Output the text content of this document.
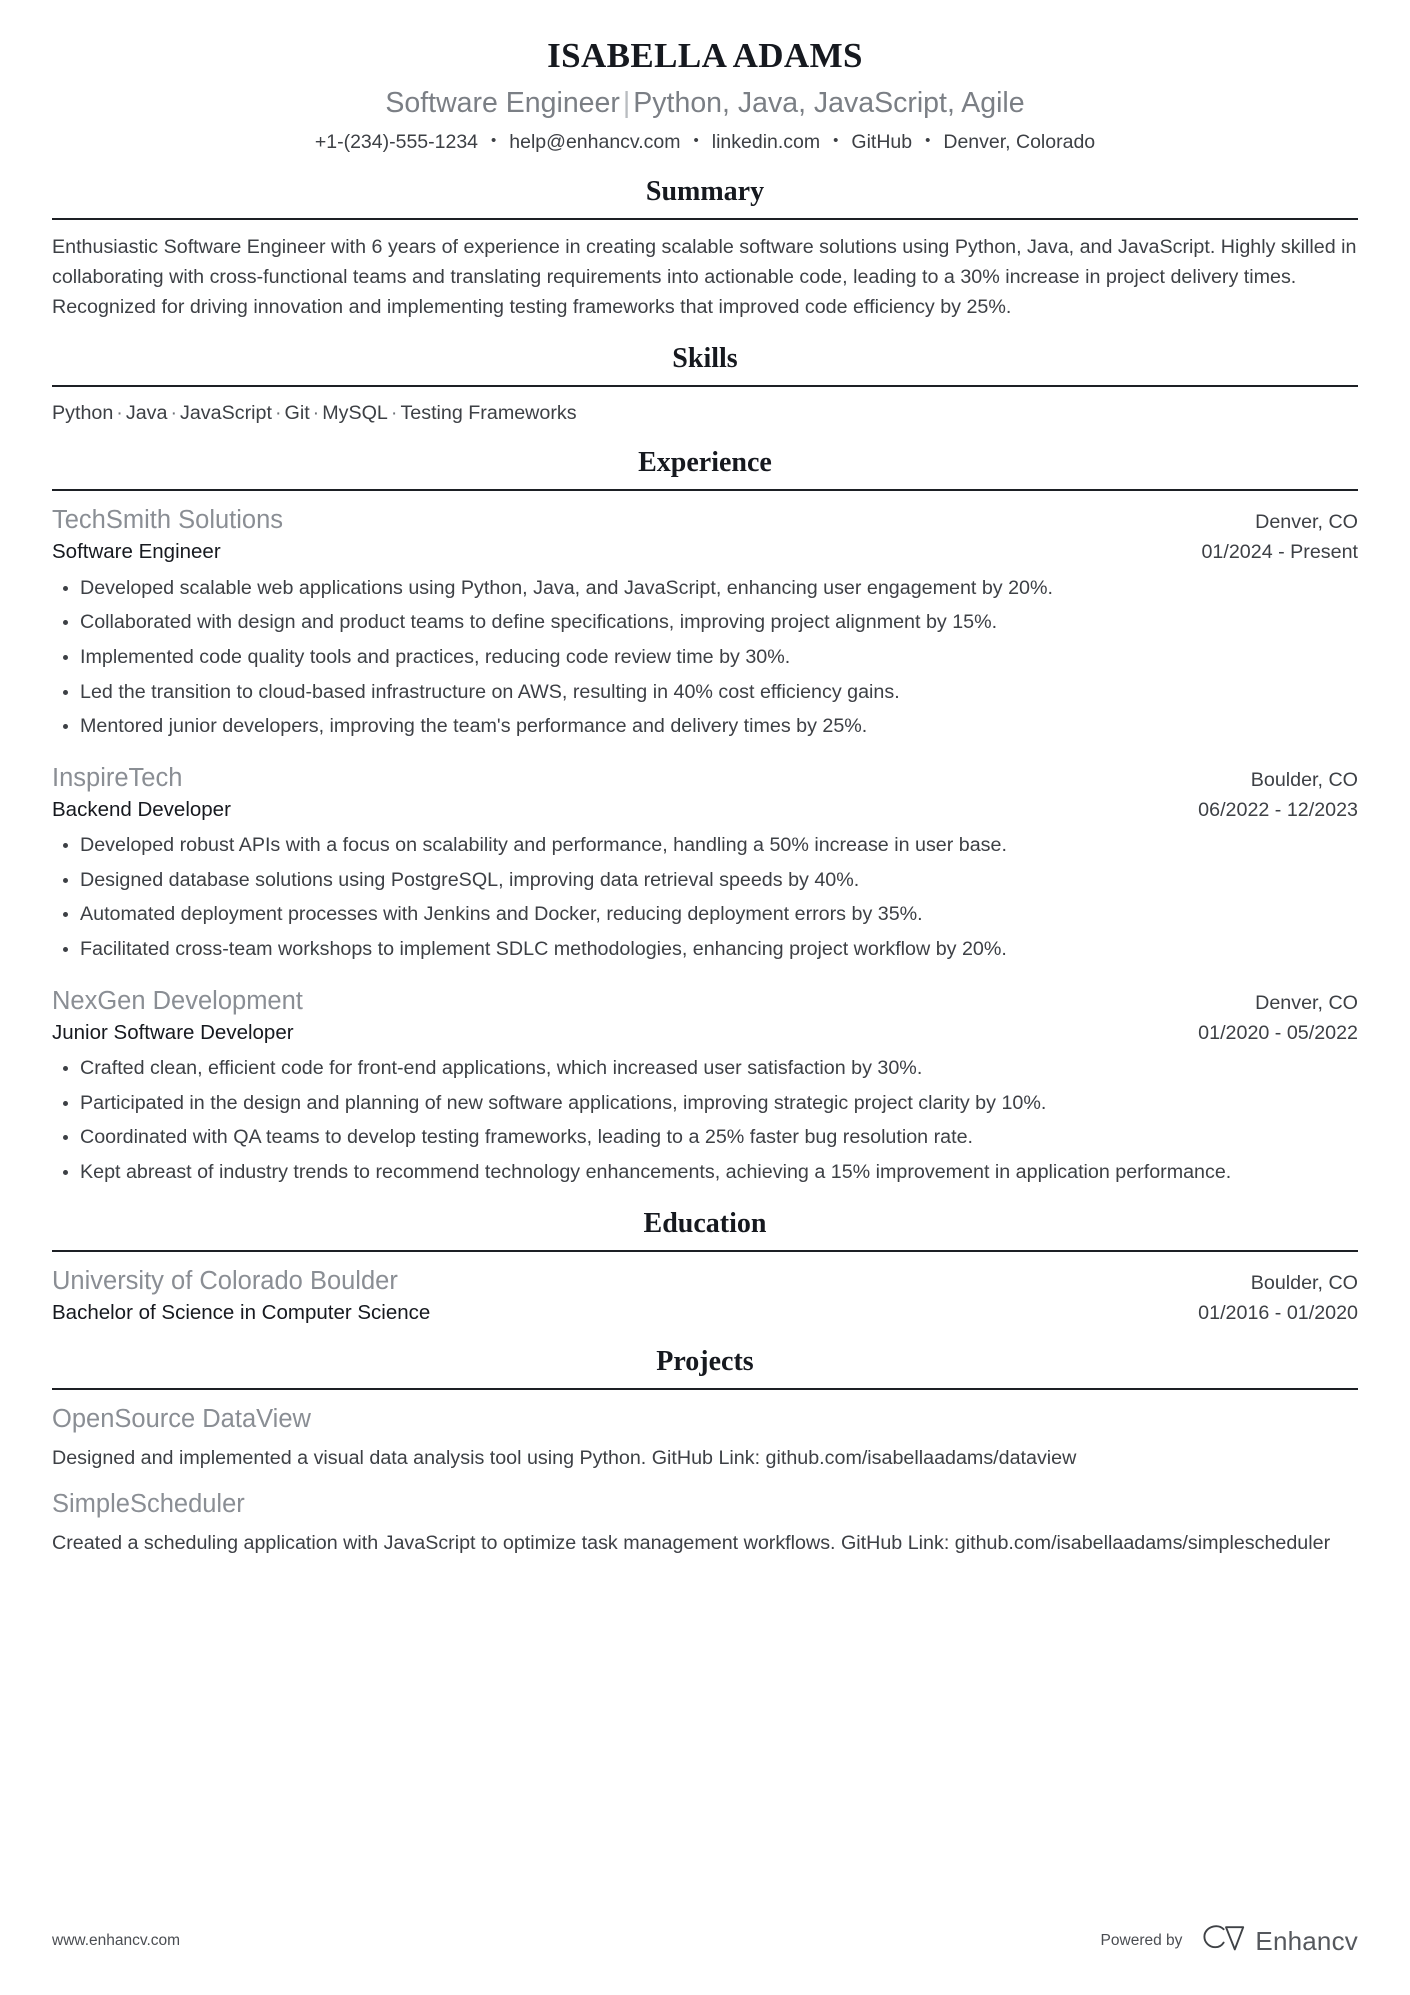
ISABELLA ADAMS
Software Engineer | Python, Java, JavaScript, Agile
+1-(234)-555-1234 • help@enhancv.com • linkedin.com • GitHub • Denver, Colorado
Summary

Enthusiastic Software Engineer with 6 years of experience in creating scalable software solutions using Python, Java, and JavaScript. Highly skilled in collaborating with cross-functional teams and translating requirements into actionable code, leading to a 30% increase in project delivery times. Recognized for driving innovation and implementing testing frameworks that improved code efficiency by 25%.

Skills
Python · Java · JavaScript · Git · MySQL · Testing Frameworks
Experience
TechSmith Solutions	Denver, CO
Software Engineer	01/2024 - Present
Developed scalable web applications using Python, Java, and JavaScript, enhancing user engagement by 20%.
Collaborated with design and product teams to define specifications, improving project alignment by 15%.
Implemented code quality tools and practices, reducing code review time by 30%.
Led the transition to cloud-based infrastructure on AWS, resulting in 40% cost efficiency gains.
Mentored junior developers, improving the team's performance and delivery times by 25%.
InspireTech	Boulder, CO
Backend Developer	06/2022 - 12/2023
Developed robust APIs with a focus on scalability and performance, handling a 50% increase in user base.
Designed database solutions using PostgreSQL, improving data retrieval speeds by 40%.
Automated deployment processes with Jenkins and Docker, reducing deployment errors by 35%.
Facilitated cross-team workshops to implement SDLC methodologies, enhancing project workflow by 20%.
NexGen Development	Denver, CO
Junior Software Developer	01/2020 - 05/2022
Crafted clean, efficient code for front-end applications, which increased user satisfaction by 30%.
Participated in the design and planning of new software applications, improving strategic project clarity by 10%.
Coordinated with QA teams to develop testing frameworks, leading to a 25% faster bug resolution rate.
Kept abreast of industry trends to recommend technology enhancements, achieving a 15% improvement in application performance.
Education
University of Colorado Boulder	Boulder, CO
Bachelor of Science in Computer Science	01/2016 - 01/2020
Projects
OpenSource DataView
Designed and implemented a visual data analysis tool using Python. GitHub Link: github.com/isabellaadams/dataview
SimpleScheduler
Created a scheduling application with JavaScript to optimize task management workflows. GitHub Link: github.com/isabellaadams/simplescheduler
www.enhancv.com	Powered by	Enhancv
